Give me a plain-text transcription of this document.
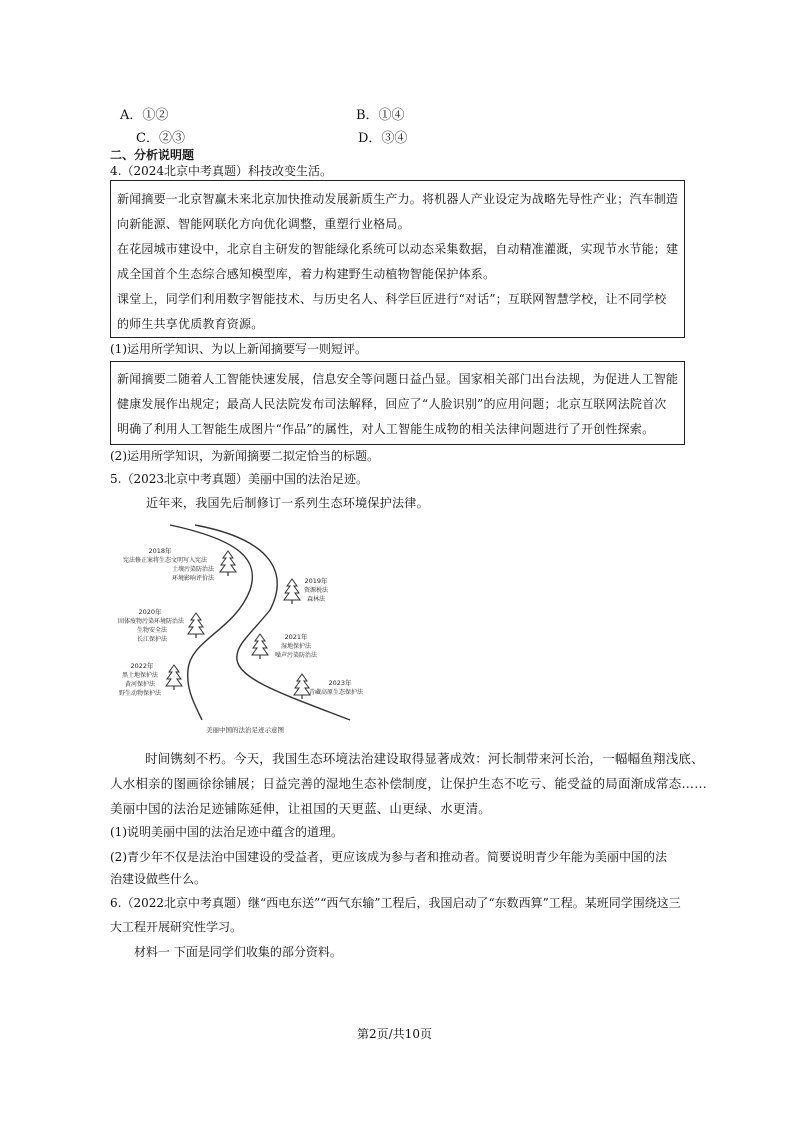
A．①②	B．①④
C．②③	D．③④
二、分析说明题
4.（2024北京中考真题）科技改变生活。

新闻摘要一北京智赢未来北京加快推动发展新质生产力。将机器人产业设定为战略先导性产业；汽车制造

向新能源、智能网联化方向优化调整，重塑行业格局。

在花园城市建设中，北京自主研发的智能绿化系统可以动态采集数据，自动精准灌溉，实现节水节能；建

成全国首个生态综合感知模型库，着力构建野生动植物智能保护体系。

课堂上，同学们利用数字智能技术、与历史名人、科学巨匠进行“对话”；互联网智慧学校，让不同学校

的师生共享优质教育资源。

(1)运用所学知识、为以上新闻摘要写一则短评。

新闻摘要二随着人工智能快速发展，信息安全等问题日益凸显。国家相关部门出台法规，为促进人工智能

健康发展作出规定；最高人民法院发布司法解释，回应了“人脸识别”的应用问题；北京互联网法院首次

明确了利用人工智能生成图片“作品”的属性，对人工智能生成物的相关法律问题进行了开创性探索。

(2)运用所学知识，为新闻摘要二拟定恰当的标题。
5.（2023北京中考真题）美丽中国的法治足迹。
近年来，我国先后制修订一系列生态环境保护法律。
2018年
宪法修正案将生态文明写入宪法
土壤污染防治法
环境影响评价法	2019年
资源税法
森林法
2020年
固体废物污染环境防治法
生物安全法
长江保护法	2021年
湿地保护法
噪声污染防治法
2022年
黑土地保护法
黄河保护法
野生动物保护法
2023年
青藏高原生态保护法
美丽中国的法治足迹示意图

时间镌刻不朽。今天，我国生态环境法治建设取得显著成效：河长制带来河长治，一幅幅鱼翔浅底、

人水相亲的图画徐徐铺展；日益完善的湿地生态补偿制度，让保护生态不吃亏、能受益的局面渐成常态……

美丽中国的法治足迹铺陈延伸，让祖国的天更蓝、山更绿、水更清。

(1)说明美丽中国的法治足迹中蕴含的道理。
(2)青少年不仅是法治中国建设的受益者，更应该成为参与者和推动者。简要说明青少年能为美丽中国的法
治建设做些什么。
6.（2022北京中考真题）继“西电东送”“西气东输”工程后，我国启动了“东数西算”工程。某班同学围绕这三
大工程开展研究性学习。
材料一 下面是同学们收集的部分资料。
第2页/共10页
